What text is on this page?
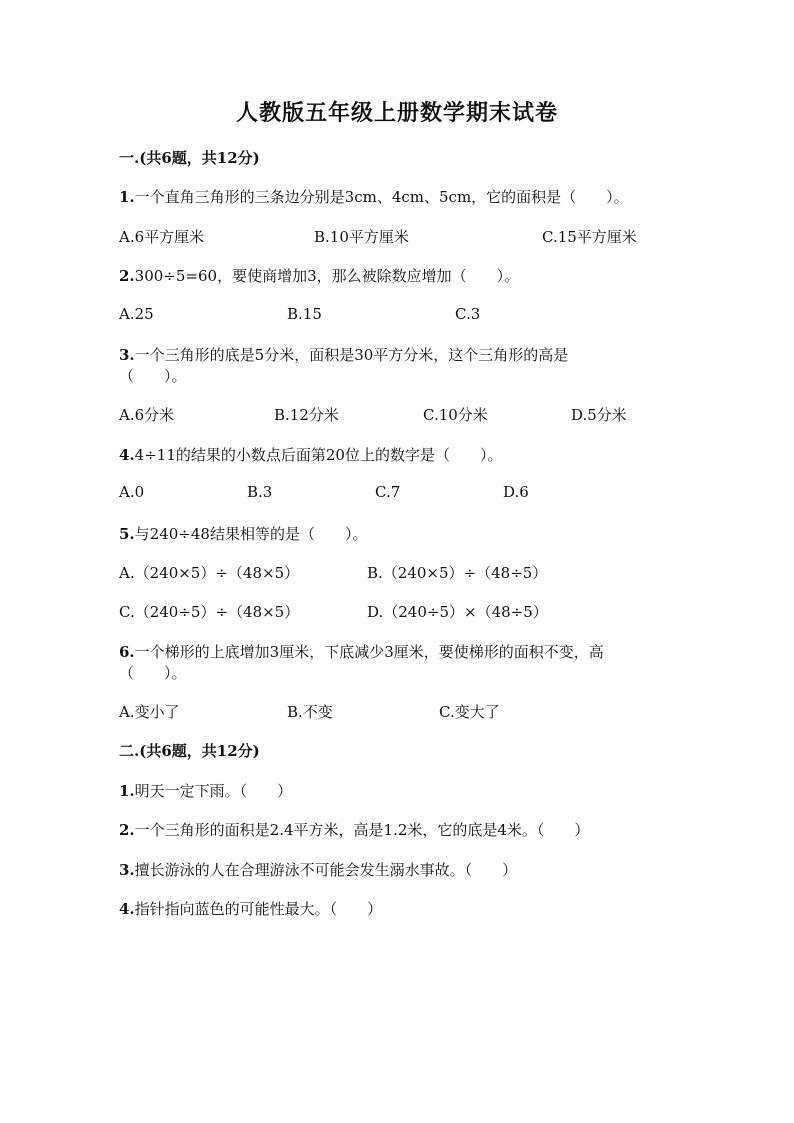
人教版五年级上册数学期末试卷
一.(共6题，共12分)
1.一个直角三角形的三条边分别是3cm、4cm、5cm，它的面积是（　　）。
A.6平方厘米	B.10平方厘米	C.15平方厘米
2.300÷5=60，要使商增加3，那么被除数应增加（　　）。
A.25	B.15	C.3
3.一个三角形的底是5分米，面积是30平方分米，这个三角形的高是
（　　）。
A.6分米	B.12分米	C.10分米	D.5分米
4.4÷11的结果的小数点后面第20位上的数字是（　　）。
A.0	B.3	C.7	D.6
5.与240÷48结果相等的是（　　）。
A.（240×5）÷（48×5）	B.（240×5）÷（48÷5）
C.（240÷5）÷（48×5）	D.（240÷5）×（48÷5）
6.一个梯形的上底增加3厘米，下底减少3厘米，要使梯形的面积不变，高
（　　）。
A.变小了	B.不变	C.变大了
二.(共6题，共12分)
1.明天一定下雨。（　　）
2.一个三角形的面积是2.4平方米，高是1.2米，它的底是4米。（　　）
3.擅长游泳的人在合理游泳不可能会发生溺水事故。（　　）
4.指针指向蓝色的可能性最大。（　　）
